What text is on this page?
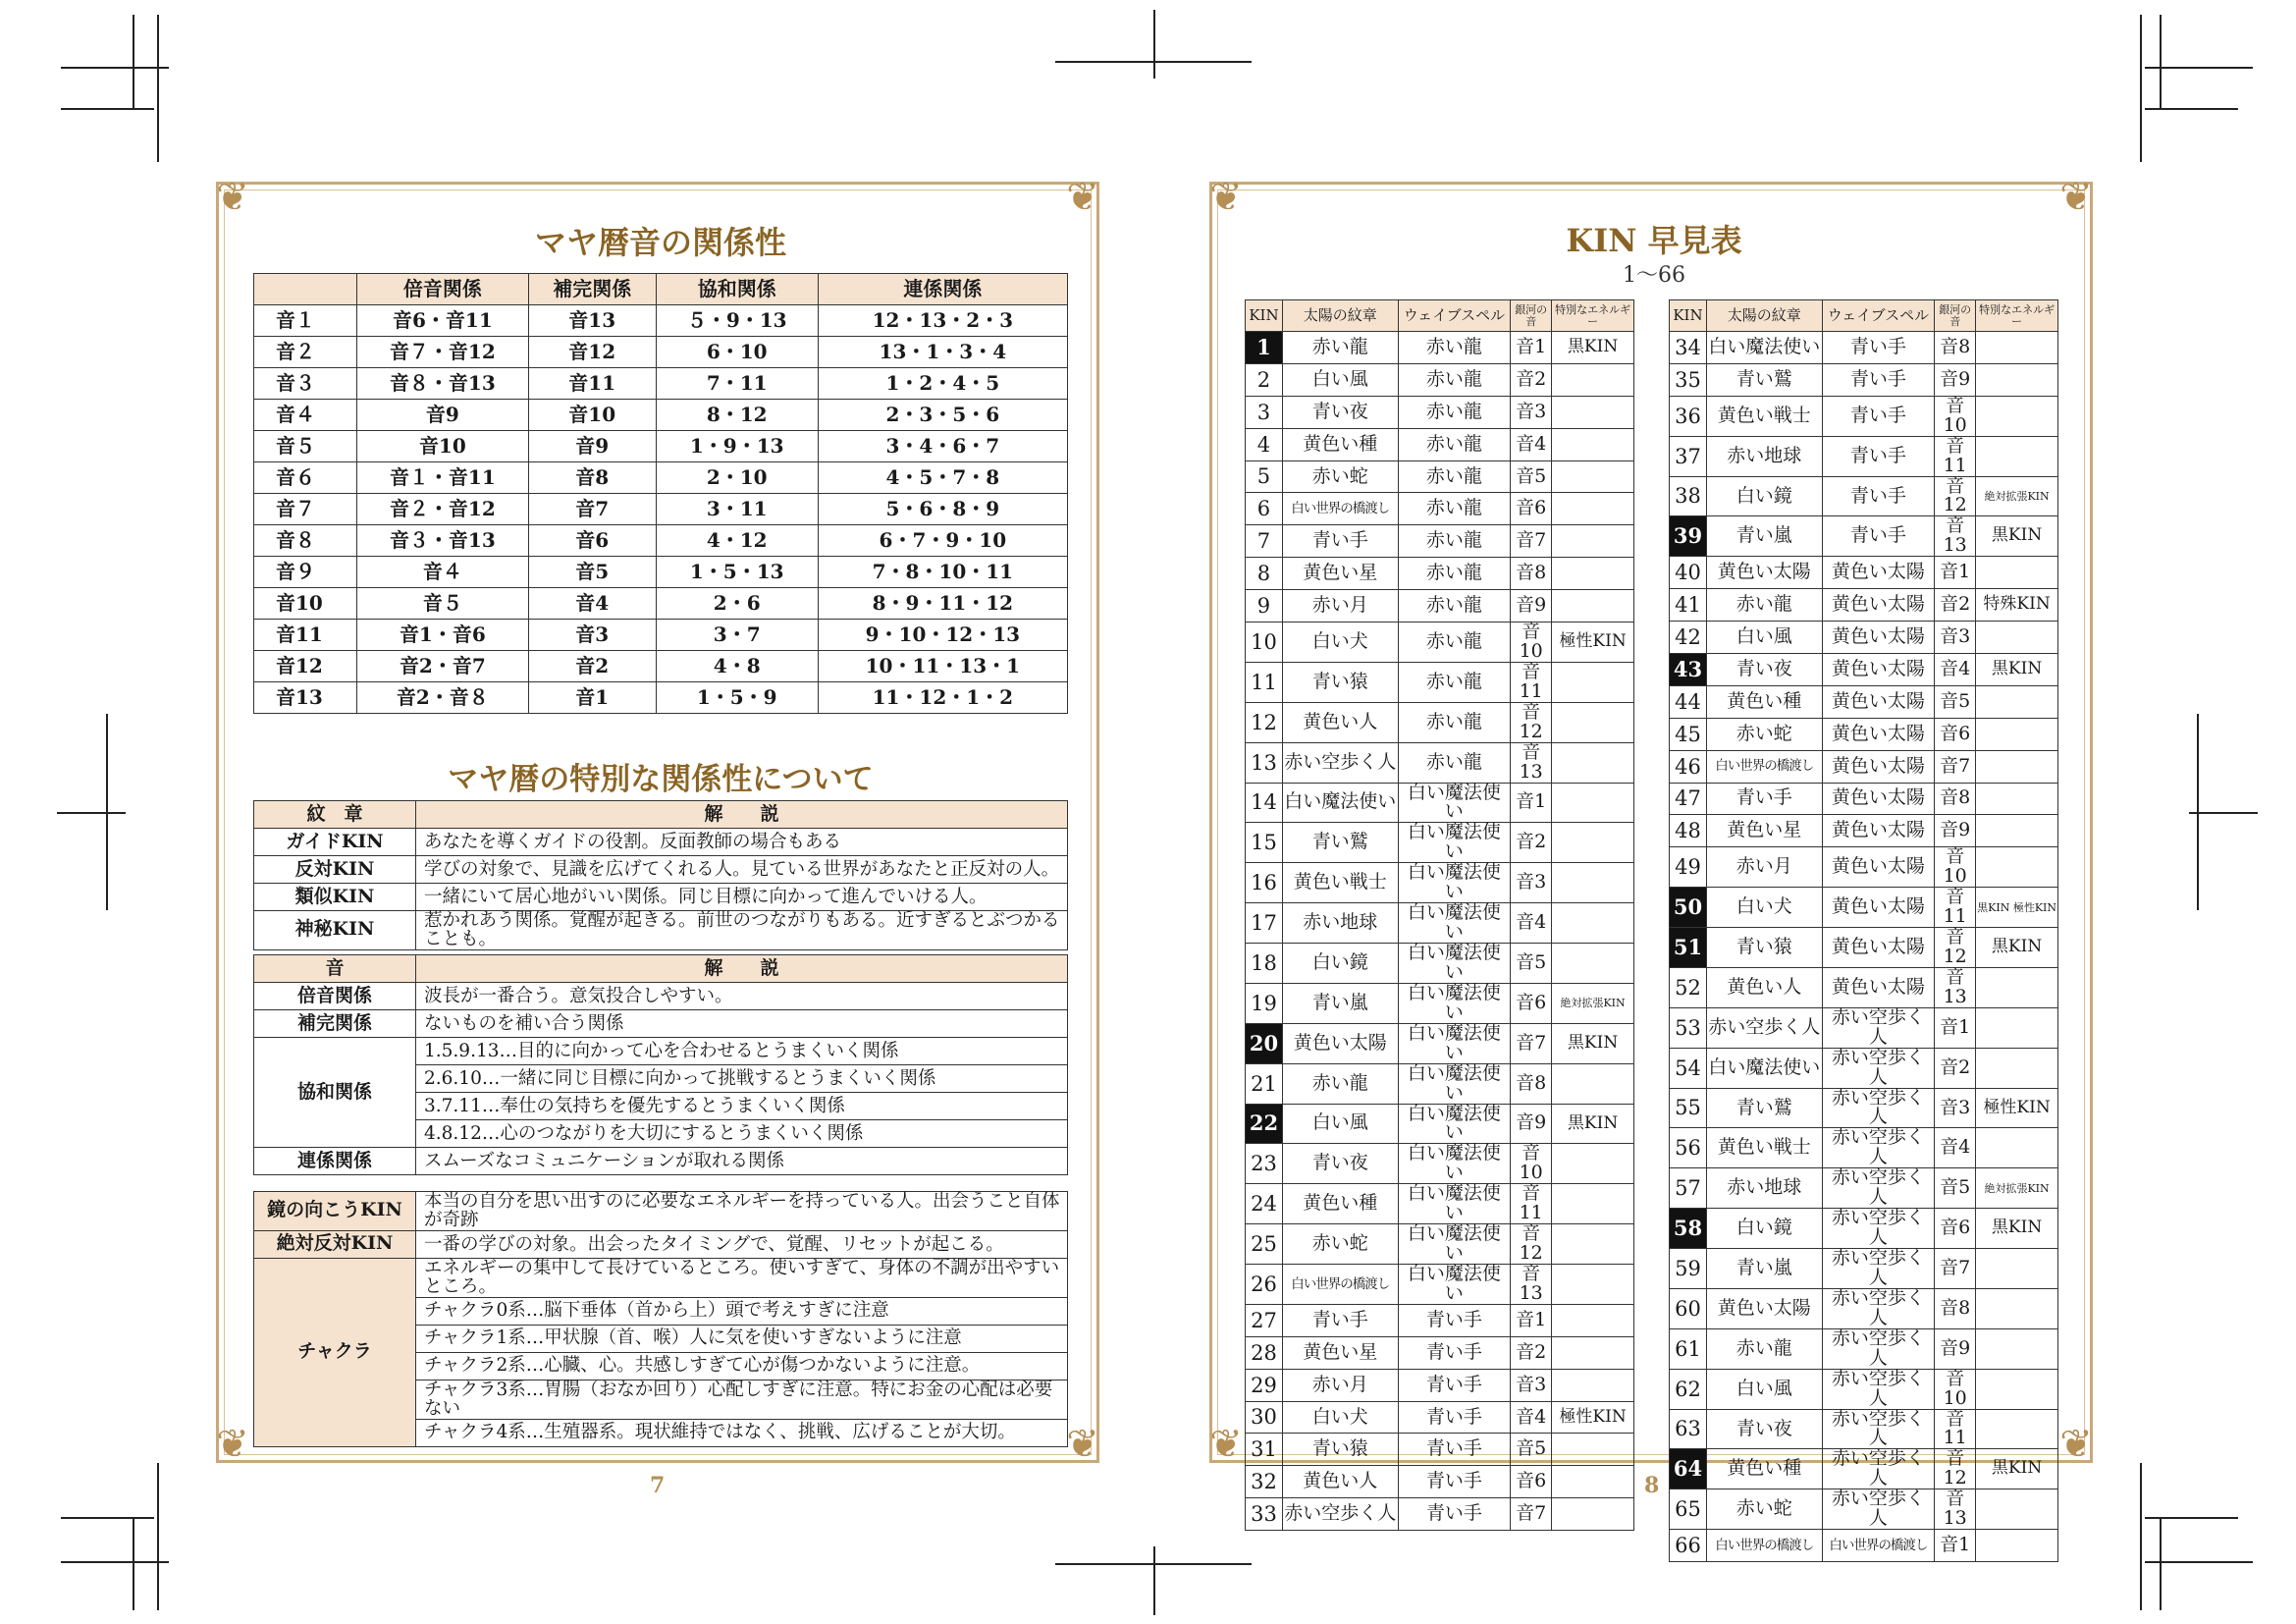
❦	❦
❦	❦
❦	❦
❦	❦
マヤ暦音の関係性
	倍音関係	補完関係	協和関係	連係関係
音１	音6・音11	音13	５・9・13	12・13・2・3
音２	音７・音12	音12	6・10	13・1・3・4
音３	音８・音13	音11	7・11	1・2・4・5
音４	音9	音10	8・12	2・3・5・6
音５	音10	音9	1・9・13	3・4・6・7
音６	音１・音11	音8	2・10	4・5・7・8
音７	音２・音12	音7	3・11	5・6・8・9
音８	音３・音13	音6	4・12	6・7・9・10
音９	音４	音5	1・5・13	7・8・10・11
音10	音５	音4	2・6	8・9・11・12
音11	音1・音6	音3	3・7	9・10・12・13
音12	音2・音7	音2	4・8	10・11・13・1
音13	音2・音８	音1	1・5・9	11・12・1・2
マヤ暦の特別な関係性について
紋　章	解　　説
ガイドKIN	あなたを導くガイドの役割。反面教師の場合もある
反対KIN	学びの対象で、見識を広げてくれる人。見ている世界があなたと正反対の人。
類似KIN	一緒にいて居心地がいい関係。同じ目標に向かって進んでいける人。
神秘KIN	惹かれあう関係。覚醒が起きる。前世のつながりもある。近すぎるとぶつかることも。
音	解　　説
倍音関係	波長が一番合う。意気投合しやすい。
補完関係	ないものを補い合う関係
協和関係	1.5.9.13…目的に向かって心を合わせるとうまくいく関係
	2.6.10…一緒に同じ目標に向かって挑戦するとうまくいく関係
	3.7.11…奉仕の気持ちを優先するとうまくいく関係
	4.8.12…心のつながりを大切にするとうまくいく関係
連係関係	スムーズなコミュニケーションが取れる関係
鏡の向こうKIN	本当の自分を思い出すのに必要なエネルギーを持っている人。出会うこと自体が奇跡
絶対反対KIN	一番の学びの対象。出会ったタイミングで、覚醒、リセットが起こる。
チャクラ	エネルギーの集中して長けているところ。使いすぎて、身体の不調が出やすいところ。
	チャクラ0系…脳下垂体（首から上）頭で考えすぎに注意
	チャクラ1系…甲状腺（首、喉）人に気を使いすぎないように注意
	チャクラ2系…心臓、心。共感しすぎて心が傷つかないように注意。
	チャクラ3系…胃腸（おなか回り）心配しすぎに注意。特にお金の心配は必要ない
	チャクラ4系…生殖器系。現状維持ではなく、挑戦、広げることが大切。
7
KIN 早見表
1〜66
KIN	太陽の紋章	ウェイブスペル	銀河の音	特別なエネルギー
1	赤い龍	赤い龍	音1	黒KIN
2	白い風	赤い龍	音2	
3	青い夜	赤い龍	音3	
4	黄色い種	赤い龍	音4	
5	赤い蛇	赤い龍	音5	
6	白い世界の橋渡し	赤い龍	音6	
7	青い手	赤い龍	音7	
8	黄色い星	赤い龍	音8	
9	赤い月	赤い龍	音9	
10	白い犬	赤い龍	音10	極性KIN
11	青い猿	赤い龍	音11	
12	黄色い人	赤い龍	音12	
13	赤い空歩く人	赤い龍	音13	
14	白い魔法使い	白い魔法使い	音1	
15	青い鷲	白い魔法使い	音2	
16	黄色い戦士	白い魔法使い	音3	
17	赤い地球	白い魔法使い	音4	
18	白い鏡	白い魔法使い	音5	
19	青い嵐	白い魔法使い	音6	絶対拡張KIN
20	黄色い太陽	白い魔法使い	音7	黒KIN
21	赤い龍	白い魔法使い	音8	
22	白い風	白い魔法使い	音9	黒KIN
23	青い夜	白い魔法使い	音10	
24	黄色い種	白い魔法使い	音11	
25	赤い蛇	白い魔法使い	音12	
26	白い世界の橋渡し	白い魔法使い	音13	
27	青い手	青い手	音1	
28	黄色い星	青い手	音2	
29	赤い月	青い手	音3	
30	白い犬	青い手	音4	極性KIN
31	青い猿	青い手	音5	
32	黄色い人	青い手	音6	
33	赤い空歩く人	青い手	音7	
KIN	太陽の紋章	ウェイブスペル	銀河の音	特別なエネルギー
34	白い魔法使い	青い手	音8	
35	青い鷲	青い手	音9	
36	黄色い戦士	青い手	音10	
37	赤い地球	青い手	音11	
38	白い鏡	青い手	音12	絶対拡張KIN
39	青い嵐	青い手	音13	黒KIN
40	黄色い太陽	黄色い太陽	音1	
41	赤い龍	黄色い太陽	音2	特殊KIN
42	白い風	黄色い太陽	音3	
43	青い夜	黄色い太陽	音4	黒KIN
44	黄色い種	黄色い太陽	音5	
45	赤い蛇	黄色い太陽	音6	
46	白い世界の橋渡し	黄色い太陽	音7	
47	青い手	黄色い太陽	音8	
48	黄色い星	黄色い太陽	音9	
49	赤い月	黄色い太陽	音10	
50	白い犬	黄色い太陽	音11	黒KIN 極性KIN
51	青い猿	黄色い太陽	音12	黒KIN
52	黄色い人	黄色い太陽	音13	
53	赤い空歩く人	赤い空歩く人	音1	
54	白い魔法使い	赤い空歩く人	音2	
55	青い鷲	赤い空歩く人	音3	極性KIN
56	黄色い戦士	赤い空歩く人	音4	
57	赤い地球	赤い空歩く人	音5	絶対拡張KIN
58	白い鏡	赤い空歩く人	音6	黒KIN
59	青い嵐	赤い空歩く人	音7	
60	黄色い太陽	赤い空歩く人	音8	
61	赤い龍	赤い空歩く人	音9	
62	白い風	赤い空歩く人	音10	
63	青い夜	赤い空歩く人	音11	
64	黄色い種	赤い空歩く人	音12	黒KIN
65	赤い蛇	赤い空歩く人	音13	
66	白い世界の橋渡し	白い世界の橋渡し	音1	
8
